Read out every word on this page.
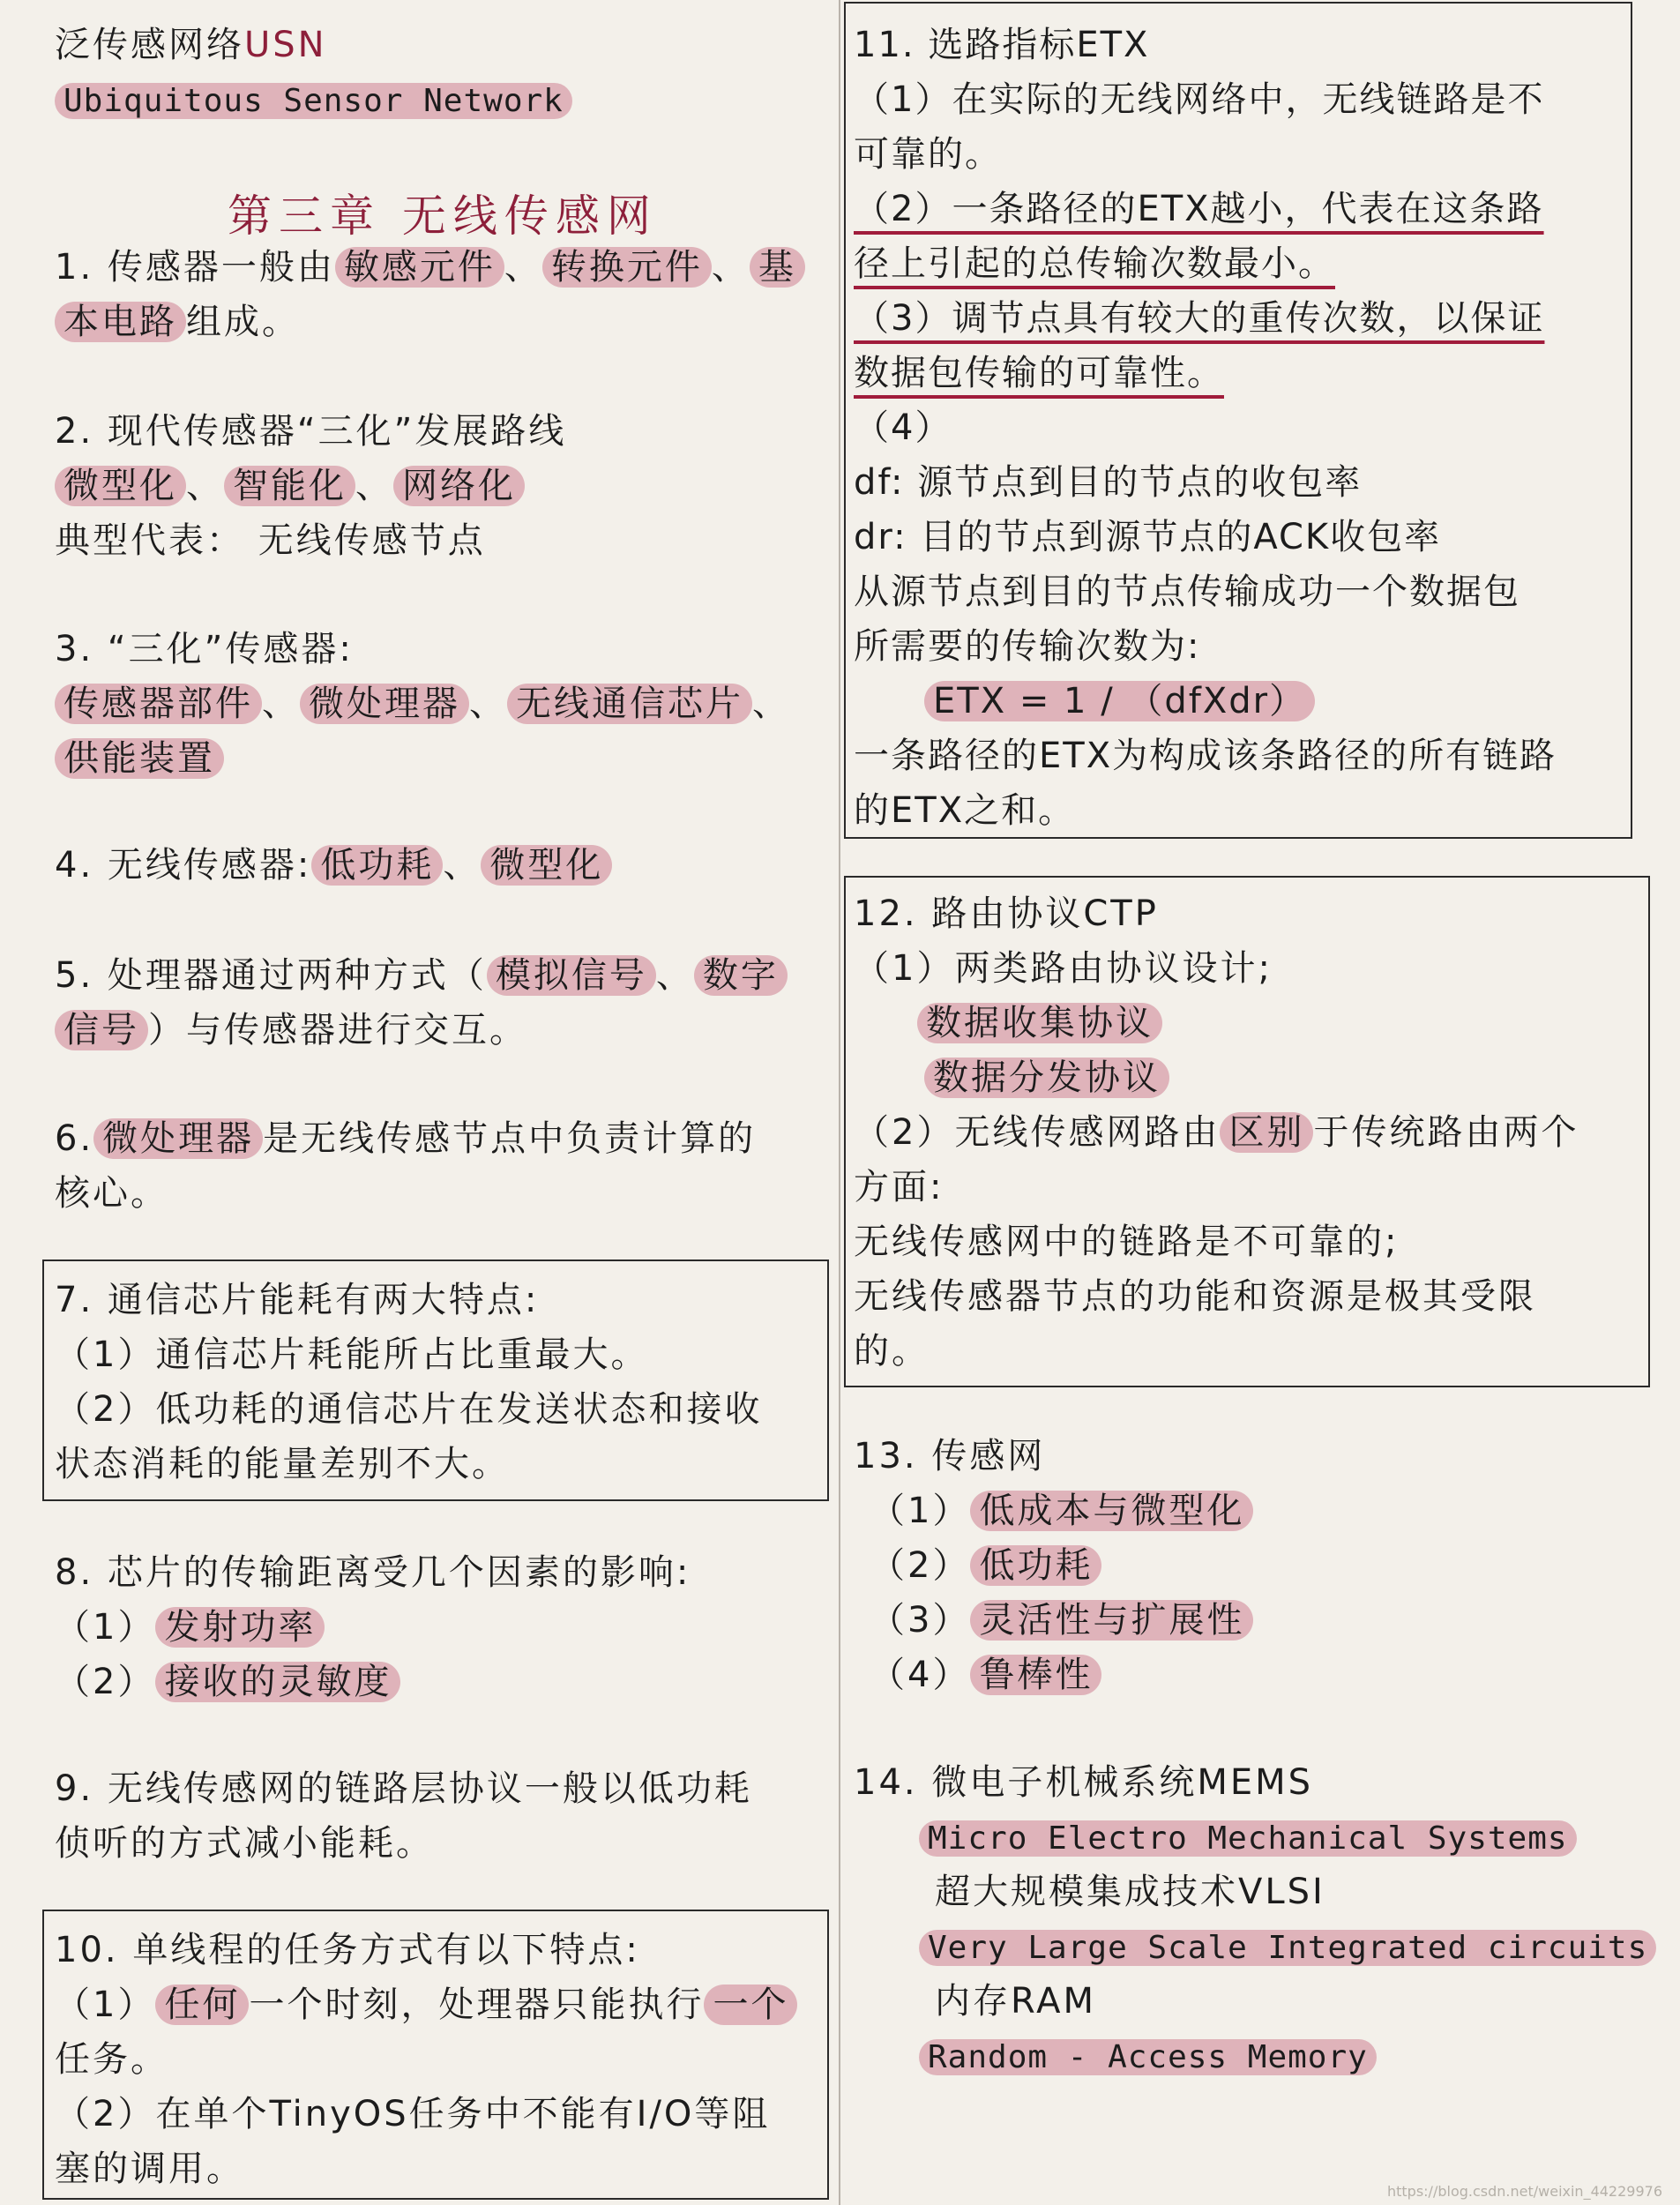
泛传感网络USN
Ubiquitous Sensor Network
第三章 无线传感网
1. 传感器一般由 敏感元件 、 转换元件 、 基
本电路 组成。
2. 现代传感器“三化”发展路线
微型化 、 智能化 、 网络化
典型代表： 无线传感节点
3. “三化”传感器:
传感器部件 、 微处理器 、 无线通信芯片 、
供能装置
4. 无线传感器: 低功耗 、 微型化
5. 处理器通过两种方式（ 模拟信号 、 数字
信号 ）与传感器进行交互。
6. 微处理器 是无线传感节点中负责计算的
核心。
7. 通信芯片能耗有两大特点:
（1）通信芯片耗能所占比重最大。
（2）低功耗的通信芯片在发送状态和接收
状态消耗的能量差别不大。
8. 芯片的传输距离受几个因素的影响:
（1） 发射功率
（2） 接收的灵敏度
9. 无线传感网的链路层协议一般以低功耗
侦听的方式减小能耗。
10. 单线程的任务方式有以下特点:
（1） 任何 一个时刻，处理器只能执行 一个
任务。
（2）在单个TinyOS任务中不能有I/O等阻
塞的调用。
11. 选路指标ETX
（1）在实际的无线网络中，无线链路是不
可靠的。
（2）一条路径的ETX越小，代表在这条路
径上引起的总传输次数最小。
（3）调节点具有较大的重传次数，以保证
数据包传输的可靠性。
（4）
df: 源节点到目的节点的收包率
dr: 目的节点到源节点的ACK收包率
从源节点到目的节点传输成功一个数据包
所需要的传输次数为:
ETX = 1 / （dfXdr）
一条路径的ETX为构成该条路径的所有链路
的ETX之和。
12. 路由协议CTP
（1）两类路由协议设计;
数据收集协议
数据分发协议
（2）无线传感网路由 区别 于传统路由两个
方面:
无线传感网中的链路是不可靠的;
无线传感器节点的功能和资源是极其受限
的。
13. 传感网
（1） 低成本与微型化
（2） 低功耗
（3） 灵活性与扩展性
（4） 鲁棒性
14. 微电子机械系统MEMS
Micro Electro Mechanical Systems
超大规模集成技术VLSI
Very Large Scale Integrated circuits
内存RAM
Random - Access Memory
https://blog.csdn.net/weixin_44229976
